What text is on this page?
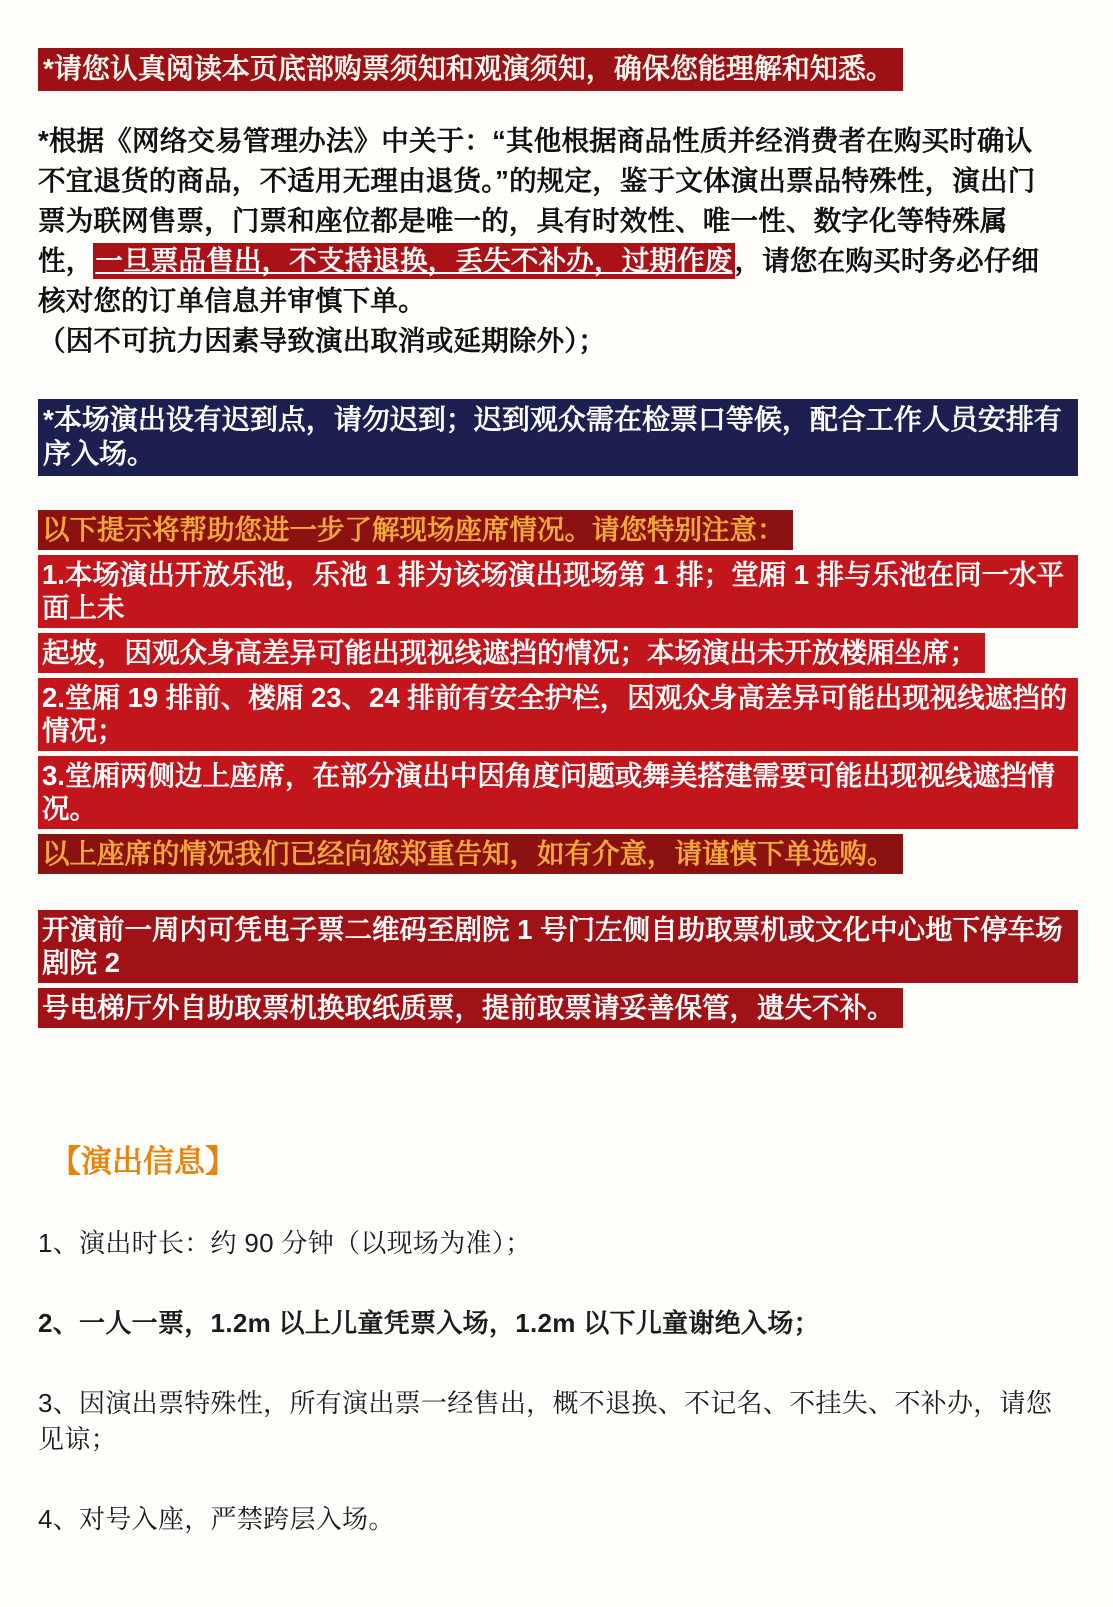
*请您认真阅读本页底部购票须知和观演须知，确保您能理解和知悉。

*根据《网络交易管理办法》中关于：“其他根据商品性质并经消费者在购买时确认不宜退货的商品，不适用无理由退货。”的规定，鉴于文体演出票品特殊性，演出门票为联网售票，门票和座位都是唯一的，具有时效性、唯一性、数字化等特殊属性，一旦票品售出，不支持退换，丢失不补办，过期作废，请您在购买时务必仔细核对您的订单信息并审慎下单。
（因不可抗力因素导致演出取消或延期除外）；

*本场演出设有迟到点，请勿迟到；迟到观众需在检票口等候，配合工作人员安排有序入场。
以下提示将帮助您进一步了解现场座席情况。请您特别注意：
1.本场演出开放乐池，乐池 1 排为该场演出现场第 1 排；堂厢 1 排与乐池在同一水平面上未
起坡，因观众身高差异可能出现视线遮挡的情况；本场演出未开放楼厢坐席；
2.堂厢 19 排前、楼厢 23、24 排前有安全护栏，因观众身高差异可能出现视线遮挡的情况；
3.堂厢两侧边上座席，在部分演出中因角度问题或舞美搭建需要可能出现视线遮挡情况。
以上座席的情况我们已经向您郑重告知，如有介意，请谨慎下单选购。
开演前一周内可凭电子票二维码至剧院 1 号门左侧自助取票机或文化中心地下停车场剧院 2
号电梯厅外自助取票机换取纸质票，提前取票请妥善保管，遗失不补。
【演出信息】

1、演出时长：约 90 分钟（以现场为准）；

2、一人一票，1.2m 以上儿童凭票入场，1.2m 以下儿童谢绝入场；

3、因演出票特殊性，所有演出票一经售出，概不退换、不记名、不挂失、不补办，请您见谅；

4、对号入座，严禁跨层入场。
